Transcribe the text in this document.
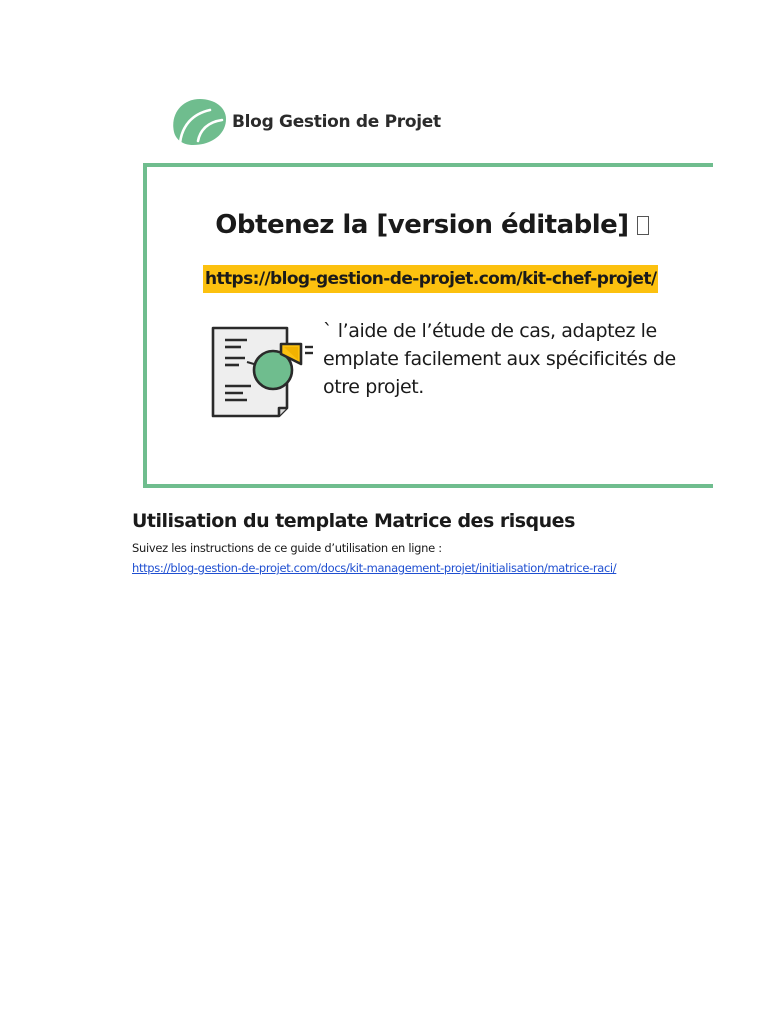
Blog Gestion de Projet
Obtenez la [version éditable]
https://blog-gestion-de-projet.com/kit-chef-projet/
` l’aide de l’étude de cas, adaptez le
emplate facilement aux spécificités de
otre projet.
Utilisation du template Matrice des risques
Suivez les instructions de ce guide d’utilisation en ligne :
https://blog-gestion-de-projet.com/docs/kit-management-projet/initialisation/matrice-raci/
